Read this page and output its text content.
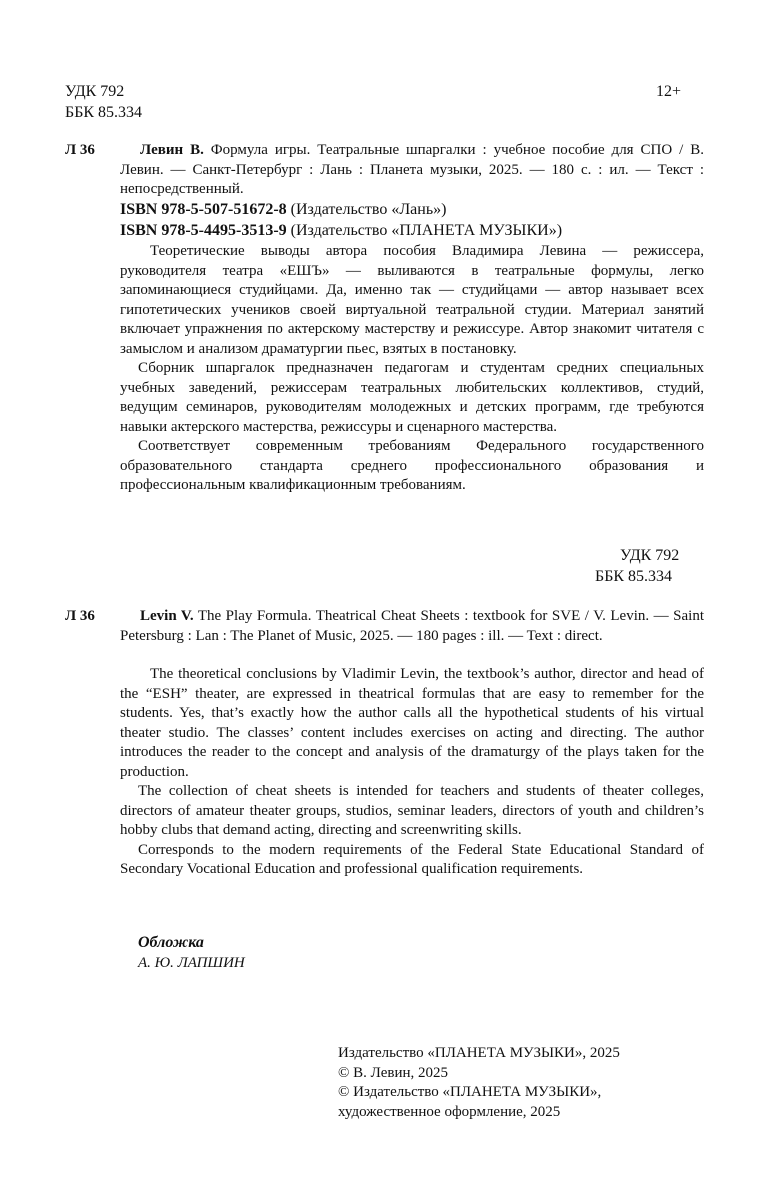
УДК 792
ББК 85.334
12+
Л 36	Левин В. Формула игры. Театральные шпаргалки : учебное пособие для СПО / В. Левин. — Санкт-Петербург : Лань : Планета музыки, 2025. — 180 с. : ил. — Текст : непосредственный.
ISBN 978-5-507-51672-8 (Издательство «Лань»)
ISBN 978-5-4495-3513-9 (Издательство «ПЛАНЕТА МУЗЫКИ»)

Теоретические выводы автора пособия Владимира Левина — режиссера, руководителя театра «ЕШЪ» — выливаются в театральные формулы, легко запоминающиеся студийцами. Да, именно так — студийцами — автор называет всех гипотетических учеников своей виртуальной театральной студии. Материал занятий включает упражнения по актерскому мастерству и режиссуре. Автор знакомит читателя с замыслом и анализом драматургии пьес, взятых в постановку.

Сборник шпаргалок предназначен педагогам и студентам средних специальных учебных заведений, режиссерам театральных любительских коллективов, студий, ведущим семинаров, руководителям молодежных и детских программ, где требуются навыки актерского мастерства, режиссуры и сценарного мастерства.

Соответствует современным требованиям Федерального государственного образовательного стандарта среднего профессионального образования и профессиональным квалификационным требованиям.

УДК 792
ББК 85.334
Л 36	Levin V. The Play Formula. Theatrical Cheat Sheets : textbook for SVE / V. Levin. — Saint Petersburg : Lan : The Planet of Music, 2025. — 180 pages : ill. — Text : direct.

The theoretical conclusions by Vladimir Levin, the textbook’s author, director and head of the “ESH” theater, are expressed in theatrical formulas that are easy to remember for the students. Yes, that’s exactly how the author calls all the hypothetical students of his virtual theater studio. The classes’ content includes exercises on acting and directing. The author introduces the reader to the concept and analysis of the dramaturgy of the plays taken for the production.

The collection of cheat sheets is intended for teachers and students of theater colleges, directors of amateur theater groups, studios, seminar leaders, directors of youth and children’s hobby clubs that demand acting, directing and screenwriting skills.

Corresponds to the modern requirements of the Federal State Educational Standard of Secondary Vocational Education and professional qualification requirements.

Обложка
А. Ю. ЛАПШИН
Издательство «ПЛАНЕТА МУЗЫКИ», 2025
© В. Левин, 2025
© Издательство «ПЛАНЕТА МУЗЫКИ»,
художественное оформление, 2025
